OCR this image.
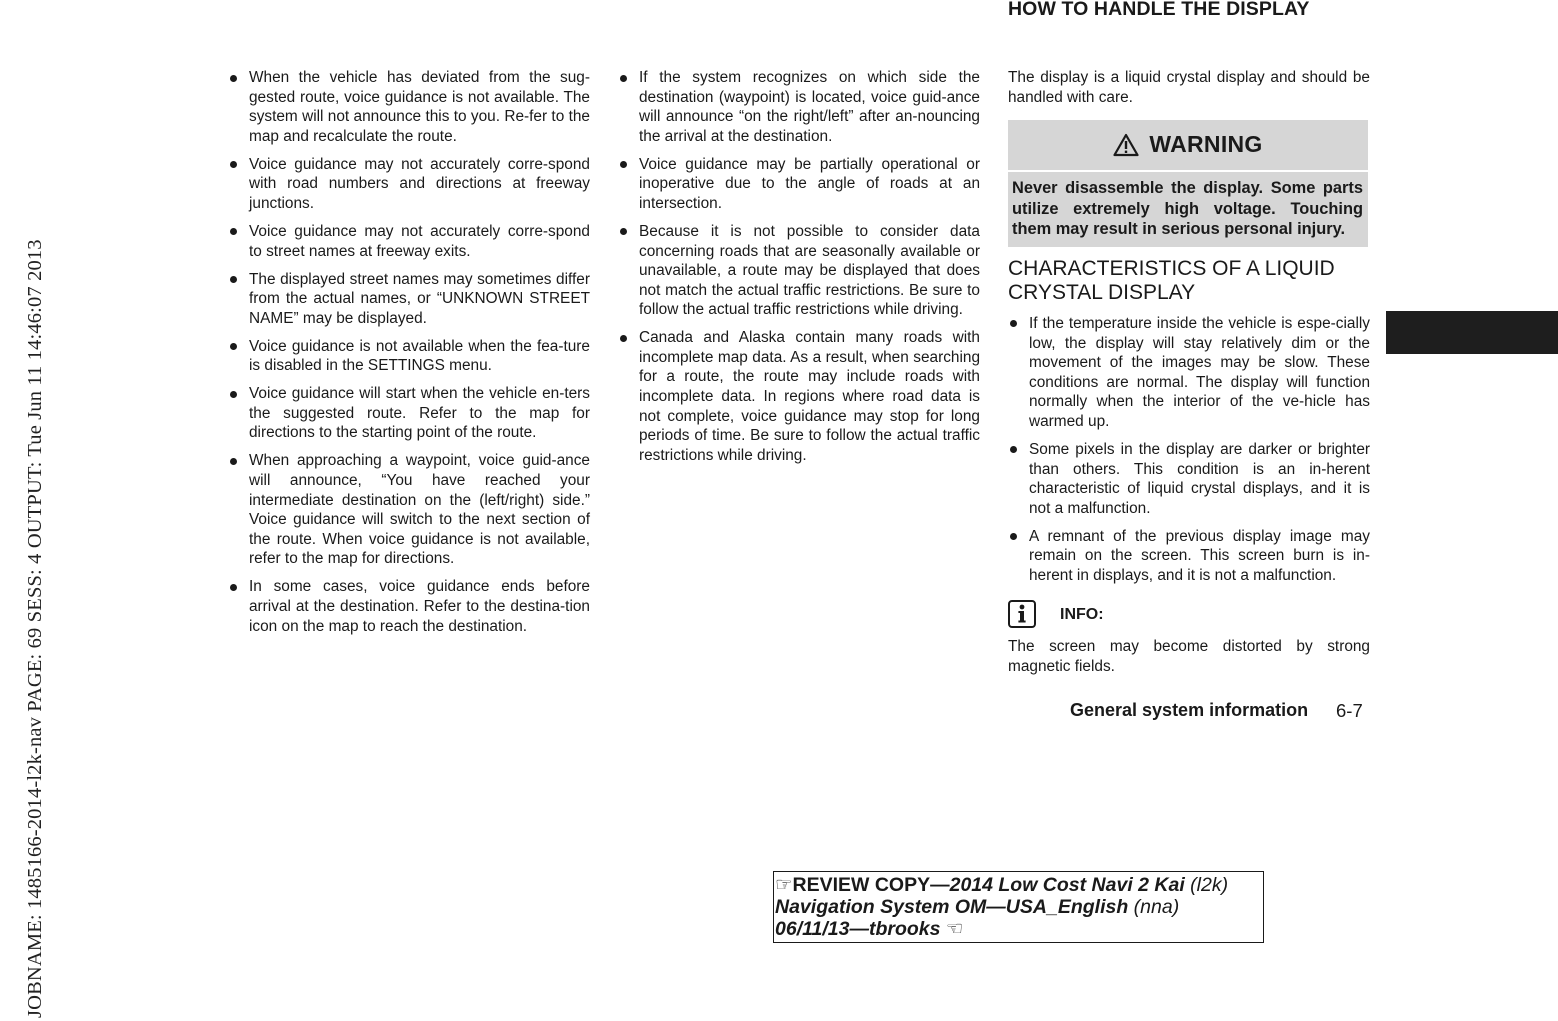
JOBNAME: 1485166-2014-l2k-nav PAGE: 69 SESS: 4 OUTPUT: Tue Jun 11 14:46:07 2013
HOW TO HANDLE THE DISPLAY
When the vehicle has deviated from the sug-gested route, voice guidance is not available. The system will not announce this to you. Re-fer to the map and recalculate the route.
Voice guidance may not accurately corre-spond with road numbers and directions at freeway junctions.
Voice guidance may not accurately corre-spond to street names at freeway exits.
The displayed street names may sometimes differ from the actual names, or “UNKNOWN STREET NAME” may be displayed.
Voice guidance is not available when the fea-ture is disabled in the SETTINGS menu.
Voice guidance will start when the vehicle en-ters the suggested route. Refer to the map for directions to the starting point of the route.
When approaching a waypoint, voice guid-ance will announce, “You have reached your intermediate destination on the (left/right) side.” Voice guidance will switch to the next section of the route. When voice guidance is not available, refer to the map for directions.
In some cases, voice guidance ends before arrival at the destination. Refer to the destina-tion icon on the map to reach the destination.
If the system recognizes on which side the destination (waypoint) is located, voice guid-ance will announce “on the right/left” after an-nouncing the arrival at the destination.
Voice guidance may be partially operational or inoperative due to the angle of roads at an intersection.
Because it is not possible to consider data concerning roads that are seasonally available or unavailable, a route may be displayed that does not match the actual traffic restrictions. Be sure to follow the actual traffic restrictions while driving.
Canada and Alaska contain many roads with incomplete map data. As a result, when searching for a route, the route may include roads with incomplete data. In regions where road data is not complete, voice guidance may stop for long periods of time. Be sure to follow the actual traffic restrictions while driving.

The display is a liquid crystal display and should be handled with care.

WARNING
Never disassemble the display. Some parts utilize extremely high voltage. Touching them may result in serious personal injury.
CHARACTERISTICS OF A LIQUID CRYSTAL DISPLAY
If the temperature inside the vehicle is espe-cially low, the display will stay relatively dim or the movement of the images may be slow. These conditions are normal. The display will function normally when the interior of the ve-hicle has warmed up.
Some pixels in the display are darker or brighter than others. This condition is an in-herent characteristic of liquid crystal displays, and it is not a malfunction.
A remnant of the previous display image may remain on the screen. This screen burn is in-herent in displays, and it is not a malfunction.
INFO:

The screen may become distorted by strong magnetic fields.

General system information 6-7
☞REVIEW COPY—2014 Low Cost Navi 2 Kai (l2k)
Navigation System OM—USA_English (nna)
06/11/13—tbrooks ☜
